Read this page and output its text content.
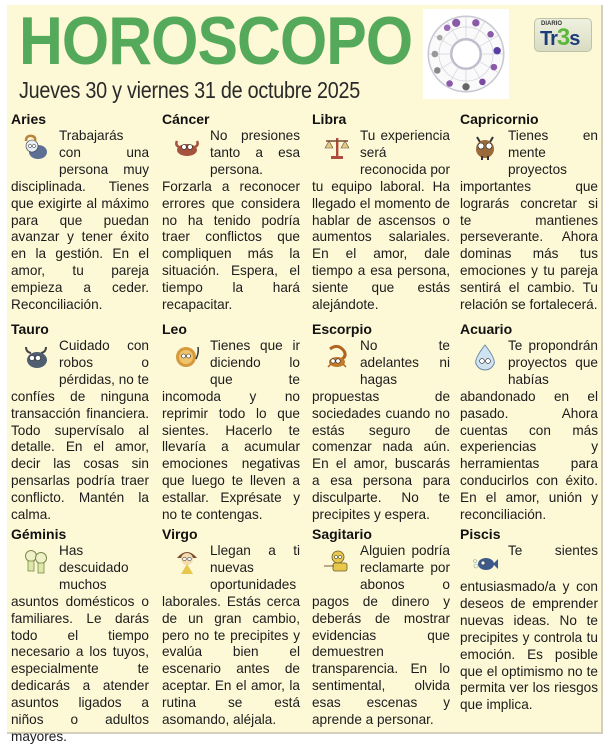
HOROSCOPO
Jueves 30 y viernes 31 de octubre 2025
DIARIO
Tr3s
Aries

Trabajarás con una persona muy disciplinada. Tienes que exigirte al máximo para que puedan avanzar y tener éxito en la gestión. En el amor, tu pareja empieza a ceder. Reconciliación.

Cáncer

No presiones tanto a esa persona. Forzarla a reconocer errores que considera no ha tenido podría traer conflictos que compliquen más la situación. Espera, el tiempo la hará recapacitar.

Libra

Tu experiencia será reconocida por tu equipo laboral. Ha llegado el momento de hablar de ascensos o aumentos salariales. En el amor, dale tiempo a esa persona, siente que estás alejándote.

Capricornio

Tienes en mente proyectos importantes que lograrás concretar si te mantienes perseverante. Ahora dominas más tus emociones y tu pareja sentirá el cambio. Tu relación se fortalecerá.

Tauro

Cuidado con robos o pérdidas, no te confíes de ninguna transacción financiera. Todo supervísalo al detalle. En el amor, decir las cosas sin pensarlas podría traer conflicto. Mantén la calma.

Leo

Tienes que ir diciendo lo que te incomoda y no reprimir todo lo que sientes. Hacerlo te llevaría a acumular emociones negativas que luego te lleven a estallar. Exprésate y no te contengas.

Escorpio

No te adelantes ni hagas propuestas de sociedades cuando no estás seguro de comenzar nada aún. En el amor, buscarás a esa persona para disculparte. No te precipites y espera.

Acuario

Te propondrán proyectos que habías abandonado en el pasado. Ahora cuentas con más experiencias y herramientas para conducirlos con éxito. En el amor, unión y reconciliación.

Géminis

Has descuidado muchos asuntos domésticos o familiares. Le darás todo el tiempo necesario a los tuyos, especialmente te dedicarás a atender asuntos ligados a niños o adultos mayores.

Virgo

Llegan a ti nuevas oportunidades laborales. Estás cerca de un gran cambio, pero no te precipites y evalúa bien el escenario antes de aceptar. En el amor, la rutina se está asomando, aléjala.

Sagitario

Alguien podría reclamarte por abonos o pagos de dinero y deberás de mostrar evidencias que demuestren transparencia. En lo sentimental, olvida esas escenas y aprende a personar.

Piscis

Te sientes entusiasmado/a y con deseos de emprender nuevas ideas. No te precipites y controla tu emoción. Es posible que el optimismo no te permita ver los riesgos que implica.
